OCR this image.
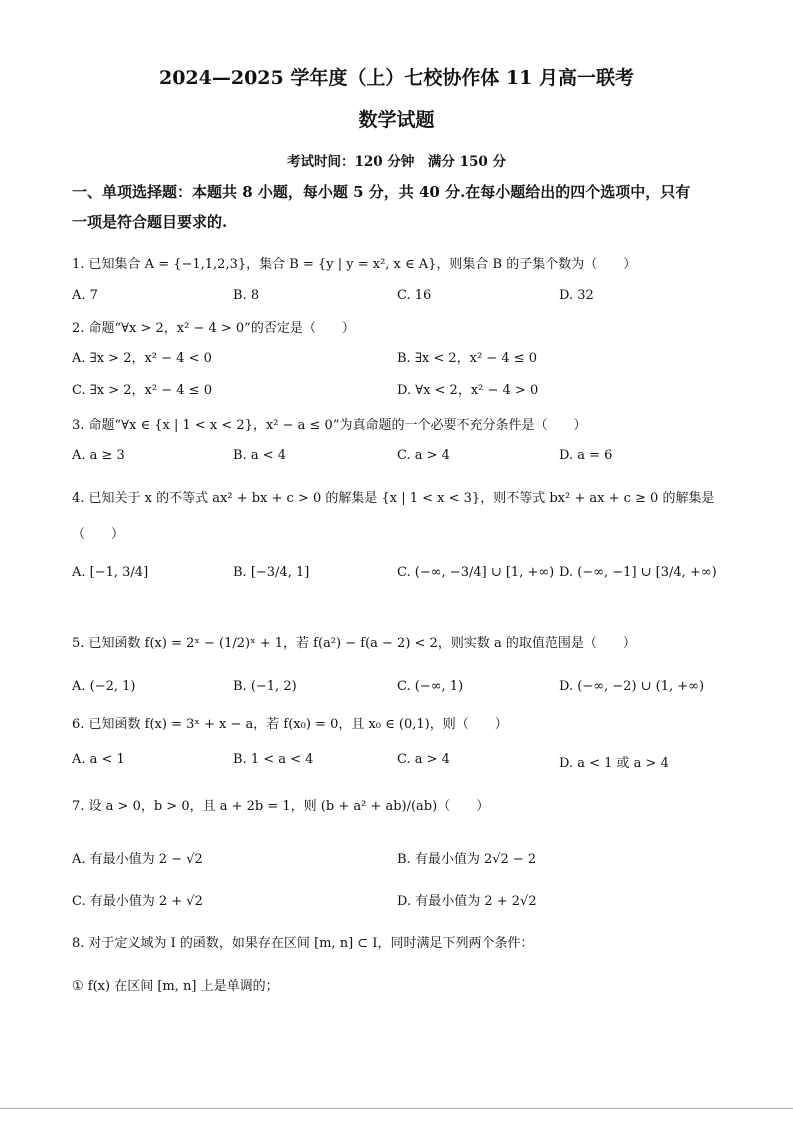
2024—2025 学年度（上）七校协作体 11 月高一联考
数学试题
考试时间：120 分钟　满分 150 分
一、单项选择题：本题共 8 小题，每小题 5 分，共 40 分.在每小题给出的四个选项中，只有
一项是符合题目要求的.
1. 已知集合 A = {−1,1,2,3}，集合 B = {y | y = x², x ∈ A}，则集合 B 的子集个数为（　　）
A. 7	B. 8	C. 16	D. 32
2. 命题“∀x > 2，x² − 4 > 0”的否定是（　　）
A. ∃x > 2，x² − 4 < 0	B. ∃x < 2，x² − 4 ≤ 0
C. ∃x > 2，x² − 4 ≤ 0	D. ∀x < 2，x² − 4 > 0
3. 命题“∀x ∈ {x | 1 < x < 2}，x² − a ≤ 0”为真命题的一个必要不充分条件是（　　）
A. a ≥ 3	B. a < 4	C. a > 4	D. a = 6
4. 已知关于 x 的不等式 ax² + bx + c > 0 的解集是 {x | 1 < x < 3}，则不等式 bx² + ax + c ≥ 0 的解集是
（　　）
A. [−1, 3/4]	B. [−3/4, 1]	C. (−∞, −3/4] ∪ [1, +∞) D. (−∞, −1] ∪ [3/4, +∞)
5. 已知函数 f(x) = 2ˣ − (1/2)ˣ + 1，若 f(a²) − f(a − 2) < 2，则实数 a 的取值范围是（　　）
A. (−2, 1)	B. (−1, 2)	C. (−∞, 1)	D. (−∞, −2) ∪ (1, +∞)
6. 已知函数 f(x) = 3ˣ + x − a，若 f(x₀) = 0，且 x₀ ∈ (0,1)，则（　　）
A. a < 1	B. 1 < a < 4	C. a > 4	D. a < 1 或 a > 4
7. 设 a > 0，b > 0，且 a + 2b = 1，则 (b + a² + ab)/(ab)（　　）
A. 有最小值为 2 − √2	B. 有最小值为 2√2 − 2
C. 有最小值为 2 + √2	D. 有最小值为 2 + 2√2
8. 对于定义域为 I 的函数，如果存在区间 [m, n] ⊂ I，同时满足下列两个条件：
① f(x) 在区间 [m, n] 上是单调的；
